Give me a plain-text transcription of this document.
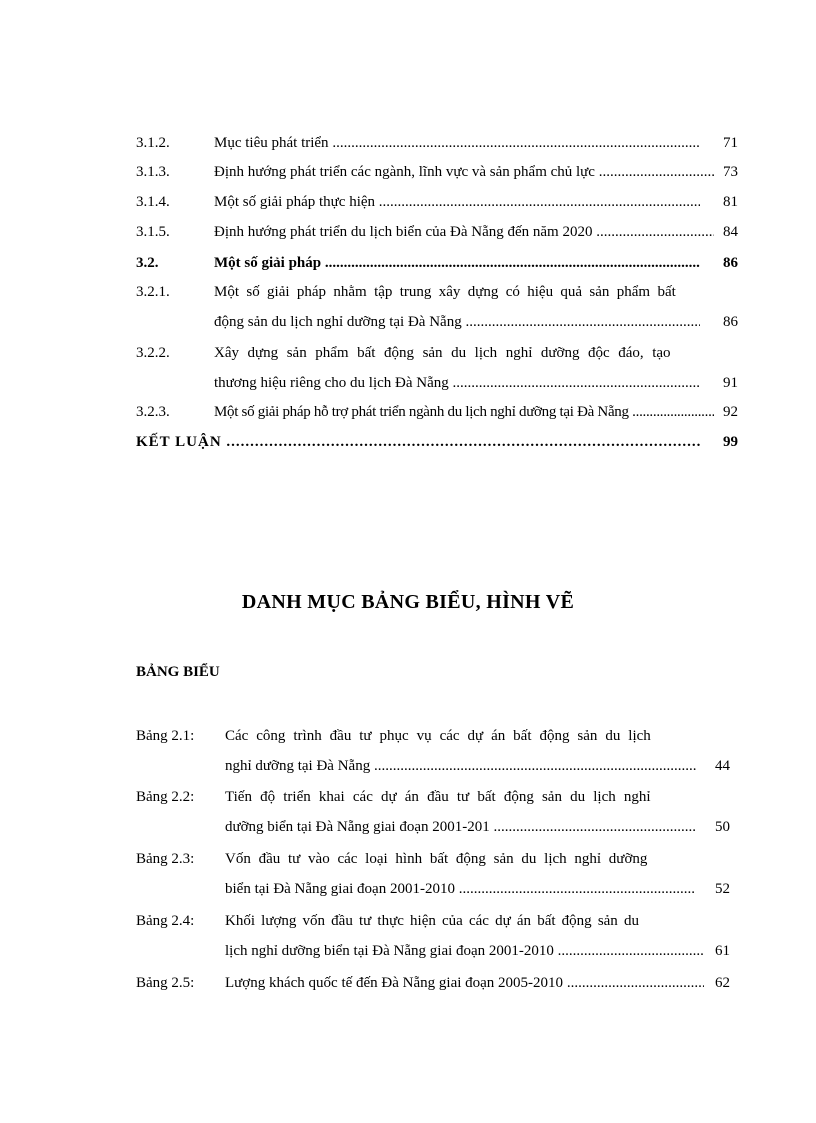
3.1.2.	Mục tiêu phát triển .....	71
3.1.3.	Định hướng phát triển các ngành, lĩnh vực và sản phẩm chủ lực .....	73
3.1.4.	Một số giải pháp thực hiện .....	81
3.1.5.	Định hướng phát triển du lịch biển của Đà Nẵng đến năm 2020 .....	84
3.2.	Một số giải pháp .....	86
3.2.1.	Một số giải pháp nhằm tập trung xây dựng có hiệu quả sản phẩm bất
động sản du lịch nghỉ dưỡng tại Đà Nẵng .....	86
3.2.2.	Xây dựng sản phẩm bất động sản du lịch nghỉ dưỡng độc đáo, tạo
thương hiệu riêng cho du lịch Đà Nẵng .....	91
3.2.3.	Một số giải pháp hỗ trợ phát triển ngành du lịch nghỉ dưỡng tại Đà Nẵng .....	92
KẾT LUẬN .....	99
DANH MỤC BẢNG BIỂU, HÌNH VẼ
BẢNG BIỂU
Bảng 2.1: Các công trình đầu tư phục vụ các dự án bất động sản du lịch
nghỉ dưỡng tại Đà Nẵng .....	44
Bảng 2.2: Tiến độ triển khai các dự án đầu tư bất động sản du lịch nghỉ
dưỡng biển tại Đà Nẵng giai đoạn 2001-201 .....	50
Bảng 2.3: Vốn đầu tư vào các loại hình bất động sản du lịch nghỉ dưỡng
biển tại Đà Nẵng giai đoạn 2001-2010 .....	52
Bảng 2.4: Khối lượng vốn đầu tư thực hiện của các dự án bất động sản du
lịch nghỉ dưỡng biển tại Đà Nẵng giai đoạn 2001-2010 .....	61
Bảng 2.5: Lượng khách quốc tế đến Đà Nẵng giai đoạn 2005-2010 .....	62
